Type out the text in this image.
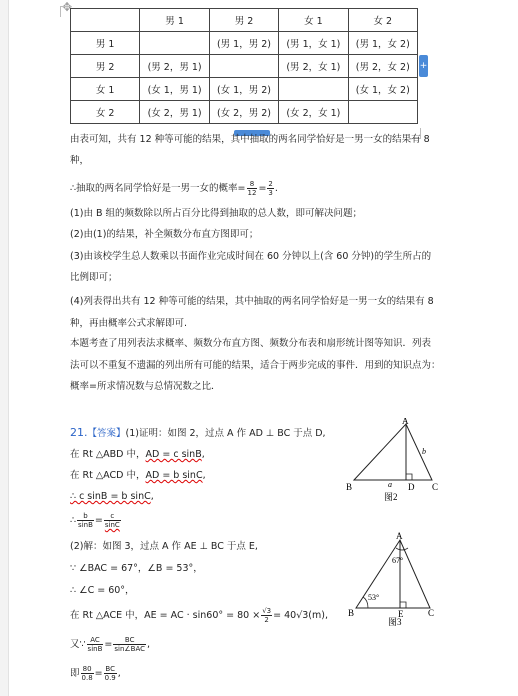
✥
	男 1	男 2	女 1	女 2
男 1		(男 1，男 2)	(男 1，女 1)	(男 1，女 2)
男 2	(男 2，男 1)		(男 2，女 1)	(男 2，女 2)
女 1	(女 1，男 1)	(女 1，男 2)		(女 1，女 2)
女 2	(女 2，男 1)	(女 2，男 2)	(女 2，女 1)	
+
由表可知，共有 12 种等可能的结果，其中抽取的两名同学恰好是一男一女的结果有 8
种，
∴抽取的两名同学恰好是一男一女的概率= $\frac{8}{12} = \frac{2}{3}$ .
(1)由 B 组的频数除以所占百分比得到抽取的总人数，即可解决问题；
(2)由(1)的结果，补全频数分布直方图即可；
(3)由该校学生总人数乘以书面作业完成时间在 60 分钟以上(含 60 分钟)的学生所占的
比例即可；
(4)列表得出共有 12 种等可能的结果，其中抽取的两名同学恰好是一男一女的结果有 8
种，再由概率公式求解即可.
本题考查了用列表法求概率、频数分布直方图、频数分布表和扇形统计图等知识．列表
法可以不重复不遗漏的列出所有可能的结果，适合于两步完成的事件．用到的知识点为：
概率=所求情况数与总情况数之比．
21.【答案】(1)证明：如图 2，过点 A 作 AD ⊥ BC 于点 D,
在 Rt △ABD 中，AD = c sinB,
在 Rt △ACD 中，AD = b sinC,
∴ c sinB = b sinC,
∴ $\frac{b}{\sin B} = \frac{c}{\sin C}$
(2)解：如图 3，过点 A 作 AE ⊥ BC 于点 E,
∵ ∠BAC = 67°，∠B = 53°，
∴ ∠C = 60°，
在 Rt △ACE 中，AE = AC · $\sin 60^\circ = 80 \times \frac{√3}{2} = 40√3(m)$,
又∵ $\frac{AC}{\sin B} = \frac{BC}{\text{sin∠BAC}}$ ,
即 $\frac{80}{0.8} = \frac{BC}{0.9}$ ,
A
B	D C
a
b
图2
A
67°
53°
B	E	C
图3
